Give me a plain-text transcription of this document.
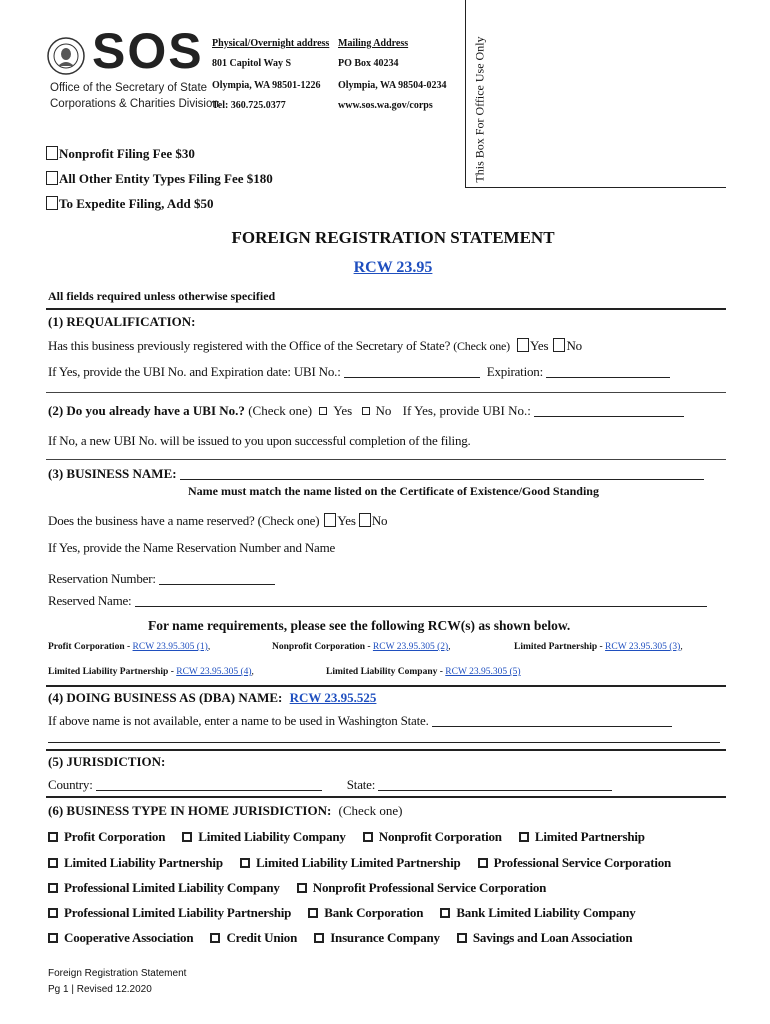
SOS
Office of the Secretary of State
Corporations & Charities Division
Physical/Overnight address
801 Capitol Way S
Olympia, WA 98501-1226
Tel: 360.725.0377
Mailing Address
PO Box 40234
Olympia, WA 98504-0234
www.sos.wa.gov/corps	This Box For Office Use Only
Nonprofit Filing Fee $30
All Other Entity Types Filing Fee $180
To Expedite Filing, Add $50
FOREIGN REGISTRATION STATEMENT
RCW 23.95
All fields required unless otherwise specified
(1) REQUALIFICATION:
Has this business previously registered with the Office of the Secretary of State? (Check one) Yes No
If Yes, provide the UBI No. and Expiration date: UBI No.:	Expiration:
(2) Do you already have a UBI No.? (Check one) Yes No If Yes, provide UBI No.:
If No, a new UBI No. will be issued to you upon successful completion of the filing.
(3) BUSINESS NAME:
Name must match the name listed on the Certificate of Existence/Good Standing
Does the business have a name reserved? (Check one) Yes No
If Yes, provide the Name Reservation Number and Name
Reservation Number:
Reserved Name:
For name requirements, please see the following RCW(s) as shown below.
Profit Corporation - RCW 23.95.305 (1),	Nonprofit Corporation - RCW 23.95.305 (2),	Limited Partnership - RCW 23.95.305 (3),
Limited Liability Partnership - RCW 23.95.305 (4),	Limited Liability Company - RCW 23.95.305 (5)
(4) DOING BUSINESS AS (DBA) NAME: RCW 23.95.525
If above name is not available, enter a name to be used in Washington State.
(5) JURISDICTION:
Country:	State:
(6) BUSINESS TYPE IN HOME JURISDICTION: (Check one)
Profit Corporation	Limited Liability Company	Nonprofit Corporation	Limited Partnership
Limited Liability Partnership	Limited Liability Limited Partnership	Professional Service Corporation
Professional Limited Liability Company	Nonprofit Professional Service Corporation
Professional Limited Liability Partnership	Bank Corporation	Bank Limited Liability Company
Cooperative Association	Credit Union	Insurance Company	Savings and Loan Association
Foreign Registration Statement
Pg 1 | Revised 12.2020
